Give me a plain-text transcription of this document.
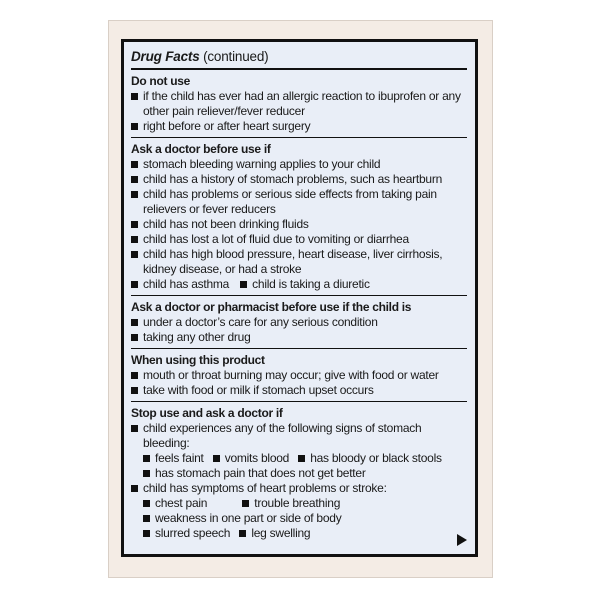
Drug Facts (continued)
Do not use
if the child has ever had an allergic reaction to ibuprofen or any other pain reliever/fever reducer
right before or after heart surgery
Ask a doctor before use if
stomach bleeding warning applies to your child
child has a history of stomach problems, such as heartburn
child has problems or serious side effects from taking pain relievers or fever reducers
child has not been drinking fluids
child has lost a lot of fluid due to vomiting or diarrhea
child has high blood pressure, heart disease, liver cirrhosis, kidney disease, or had a stroke
child has asthma child is taking a diuretic
Ask a doctor or pharmacist before use if the child is
under a doctor’s care for any serious condition
taking any other drug
When using this product
mouth or throat burning may occur; give with food or water
take with food or milk if stomach upset occurs
Stop use and ask a doctor if
child experiences any of the following signs of stomach bleeding:
feels faint vomits blood has bloody or black stools
has stomach pain that does not get better
child has symptoms of heart problems or stroke:
chest pain	trouble breathing
weakness in one part or side of body
slurred speech leg swelling
